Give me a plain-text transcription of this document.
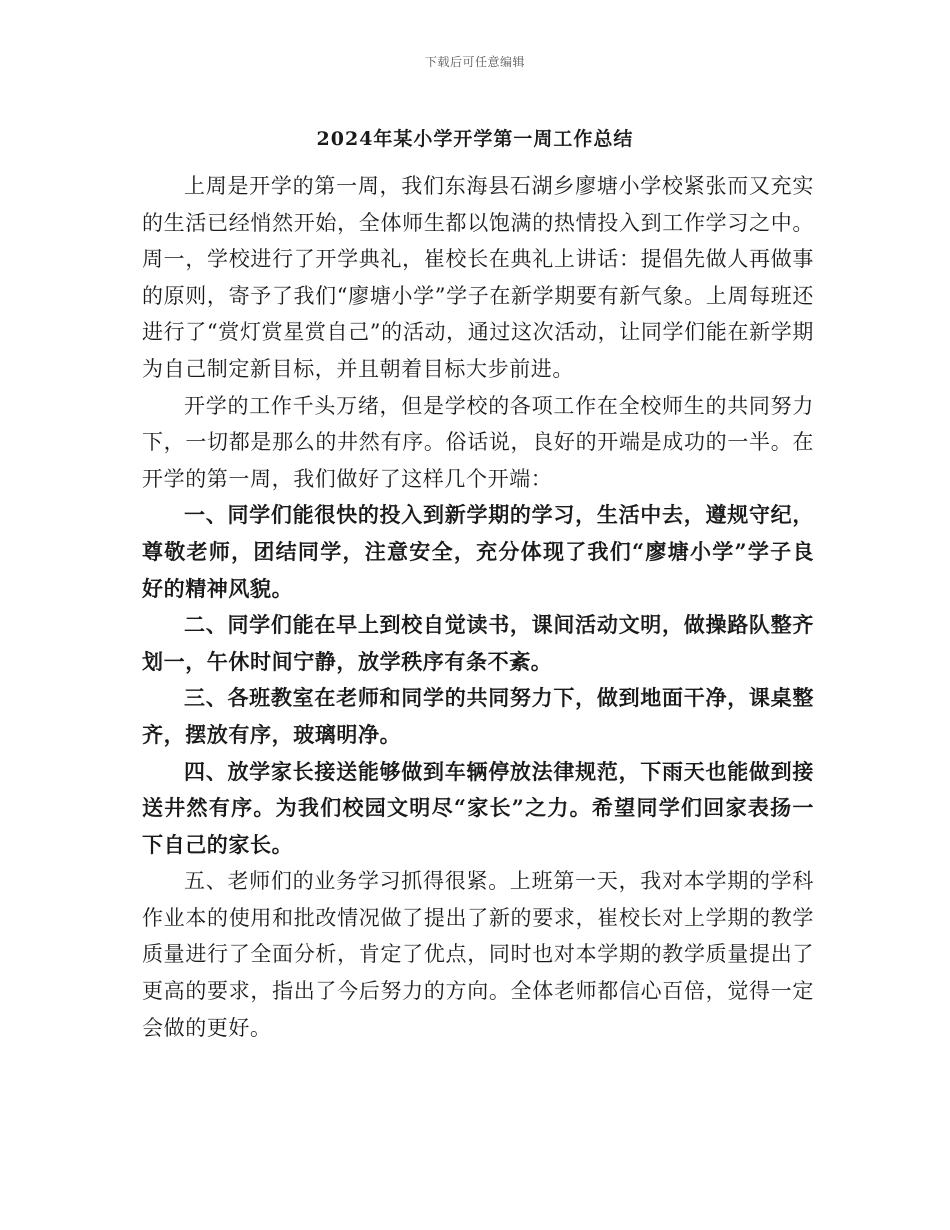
下载后可任意编辑
2024年某小学开学第一周工作总结

上周是开学的第一周，我们东海县石湖乡廖塘小学校紧张而又充实的生活已经悄然开始，全体师生都以饱满的热情投入到工作学习之中。周一，学校进行了开学典礼，崔校长在典礼上讲话：提倡先做人再做事的原则，寄予了我们“廖塘小学”学子在新学期要有新气象。上周每班还进行了“赏灯赏星赏自己”的活动，通过这次活动，让同学们能在新学期为自己制定新目标，并且朝着目标大步前进。

开学的工作千头万绪，但是学校的各项工作在全校师生的共同努力下，一切都是那么的井然有序。俗话说，良好的开端是成功的一半。在开学的第一周，我们做好了这样几个开端：

一、同学们能很快的投入到新学期的学习，生活中去，遵规守纪，尊敬老师，团结同学，注意安全，充分体现了我们“廖塘小学”学子良好的精神风貌。

二、同学们能在早上到校自觉读书，课间活动文明，做操路队整齐划一，午休时间宁静，放学秩序有条不紊。

三、各班教室在老师和同学的共同努力下，做到地面干净，课桌整齐，摆放有序，玻璃明净。

四、放学家长接送能够做到车辆停放法律规范，下雨天也能做到接送井然有序。为我们校园文明尽“家长”之力。希望同学们回家表扬一下自己的家长。

五、老师们的业务学习抓得很紧。上班第一天，我对本学期的学科作业本的使用和批改情况做了提出了新的要求，崔校长对上学期的教学质量进行了全面分析，肯定了优点，同时也对本学期的教学质量提出了更高的要求，指出了今后努力的方向。全体老师都信心百倍，觉得一定会做的更好。
